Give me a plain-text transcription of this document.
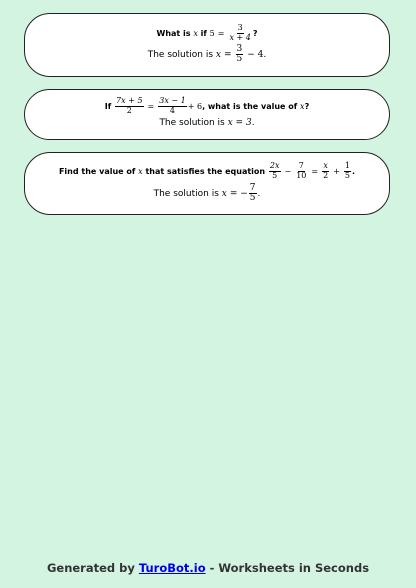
What is
x
if
$5 = \frac{3}{x + 4}$ ?
The solution is
$x = \frac{3}{5} - 4$ .
If
$\frac{7x + 5}{2} = \frac{3x - 1}{4} + 6$ , what is the value of
x ?
The solution is
x = 3 .
Find the value of
x
that satisfies the equation
$\frac{2x}{5} - \frac{7}{10} = \frac{x}{2} + \frac{1}{5}$ .
The solution is
x = − $\frac{7}{5}$ .
Generated by TuroBot.io - Worksheets in Seconds
